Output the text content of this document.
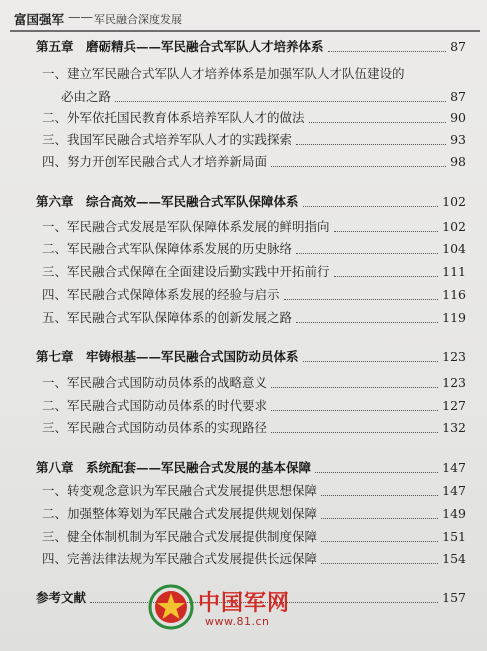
富国强军 —— 军民融合深度发展
第五章　磨砺精兵——军民融合式军队人才培养体系	87
一、建立军民融合式军队人才培养体系是加强军队人才队伍建设的
必由之路	87
二、外军依托国民教育体系培养军队人才的做法	90
三、我国军民融合式培养军队人才的实践探索	93
四、努力开创军民融合式人才培养新局面	98
第六章　综合高效——军民融合式军队保障体系	102
一、军民融合式发展是军队保障体系发展的鲜明指向	102
二、军民融合式军队保障体系发展的历史脉络	104
三、军民融合式保障在全面建设后勤实践中开拓前行	111
四、军民融合式保障体系发展的经验与启示	116
五、军民融合式军队保障体系的创新发展之路	119
第七章　牢铸根基——军民融合式国防动员体系	123
一、军民融合式国防动员体系的战略意义	123
二、军民融合式国防动员体系的时代要求	127
三、军民融合式国防动员体系的实现路径	132
第八章　系统配套——军民融合式发展的基本保障	147
一、转变观念意识为军民融合式发展提供思想保障	147
二、加强整体筹划为军民融合式发展提供规划保障	149
三、健全体制机制为军民融合式发展提供制度保障	151
四、完善法律法规为军民融合式发展提供长远保障	154
参考文献	157
中国军网
www.81.cn
